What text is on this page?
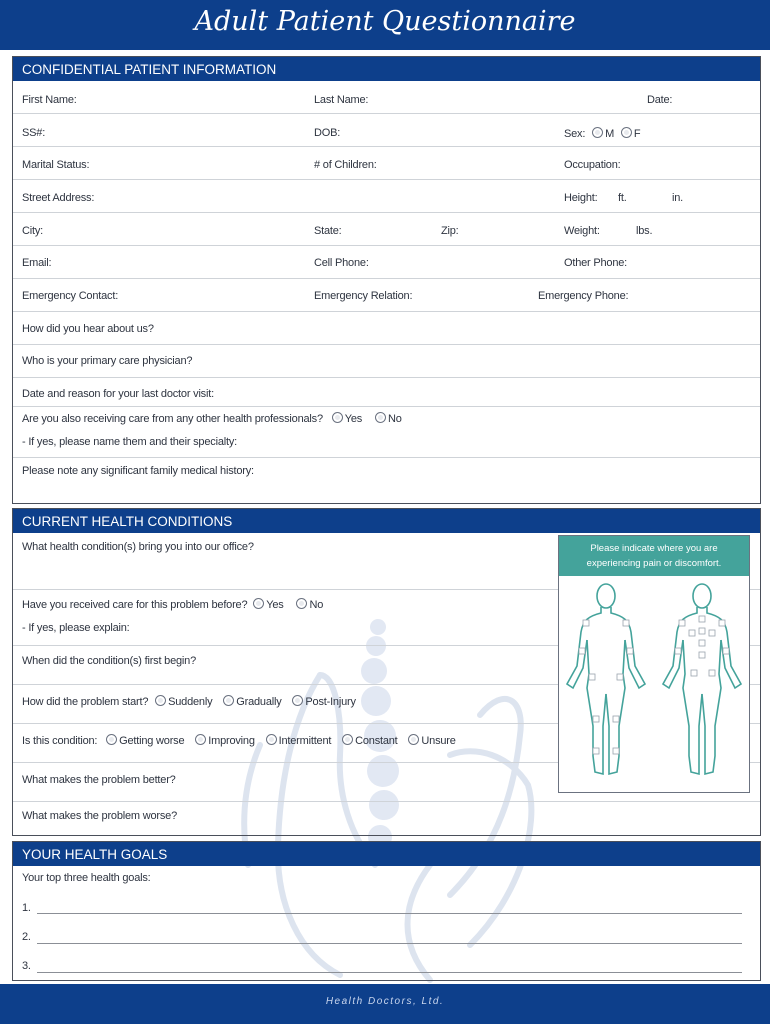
Adult Patient Questionnaire
CONFIDENTIAL PATIENT INFORMATION
First Name:	Last Name:	Date:
SS#:	DOB:	Sex: M F
Marital Status:	# of Children:	Occupation:
Street Address:	Height: ft.	in.
City:	State:	Zip:	Weight:	lbs.
Email:	Cell Phone:	Other Phone:
Emergency Contact:	Emergency Relation:	Emergency Phone:
How did you hear about us?
Who is your primary care physician?
Date and reason for your last doctor visit:
Are you also receiving care from any other health professionals? Yes No
- If yes, please name them and their specialty:
Please note any significant family medical history:
CURRENT HEALTH CONDITIONS
What health condition(s) bring you into our office?
Have you received care for this problem before? Yes No
- If yes, please explain:
When did the condition(s) first begin?
How did the problem start? Suddenly Gradually Post-Injury
Is this condition: Getting worse Improving Intermittent Constant Unsure
What makes the problem better?
What makes the problem worse?
Please indicate where you are
experiencing pain or discomfort.
YOUR HEALTH GOALS
Your top three health goals:
1.
2.
3.
Health Doctors, Ltd.
